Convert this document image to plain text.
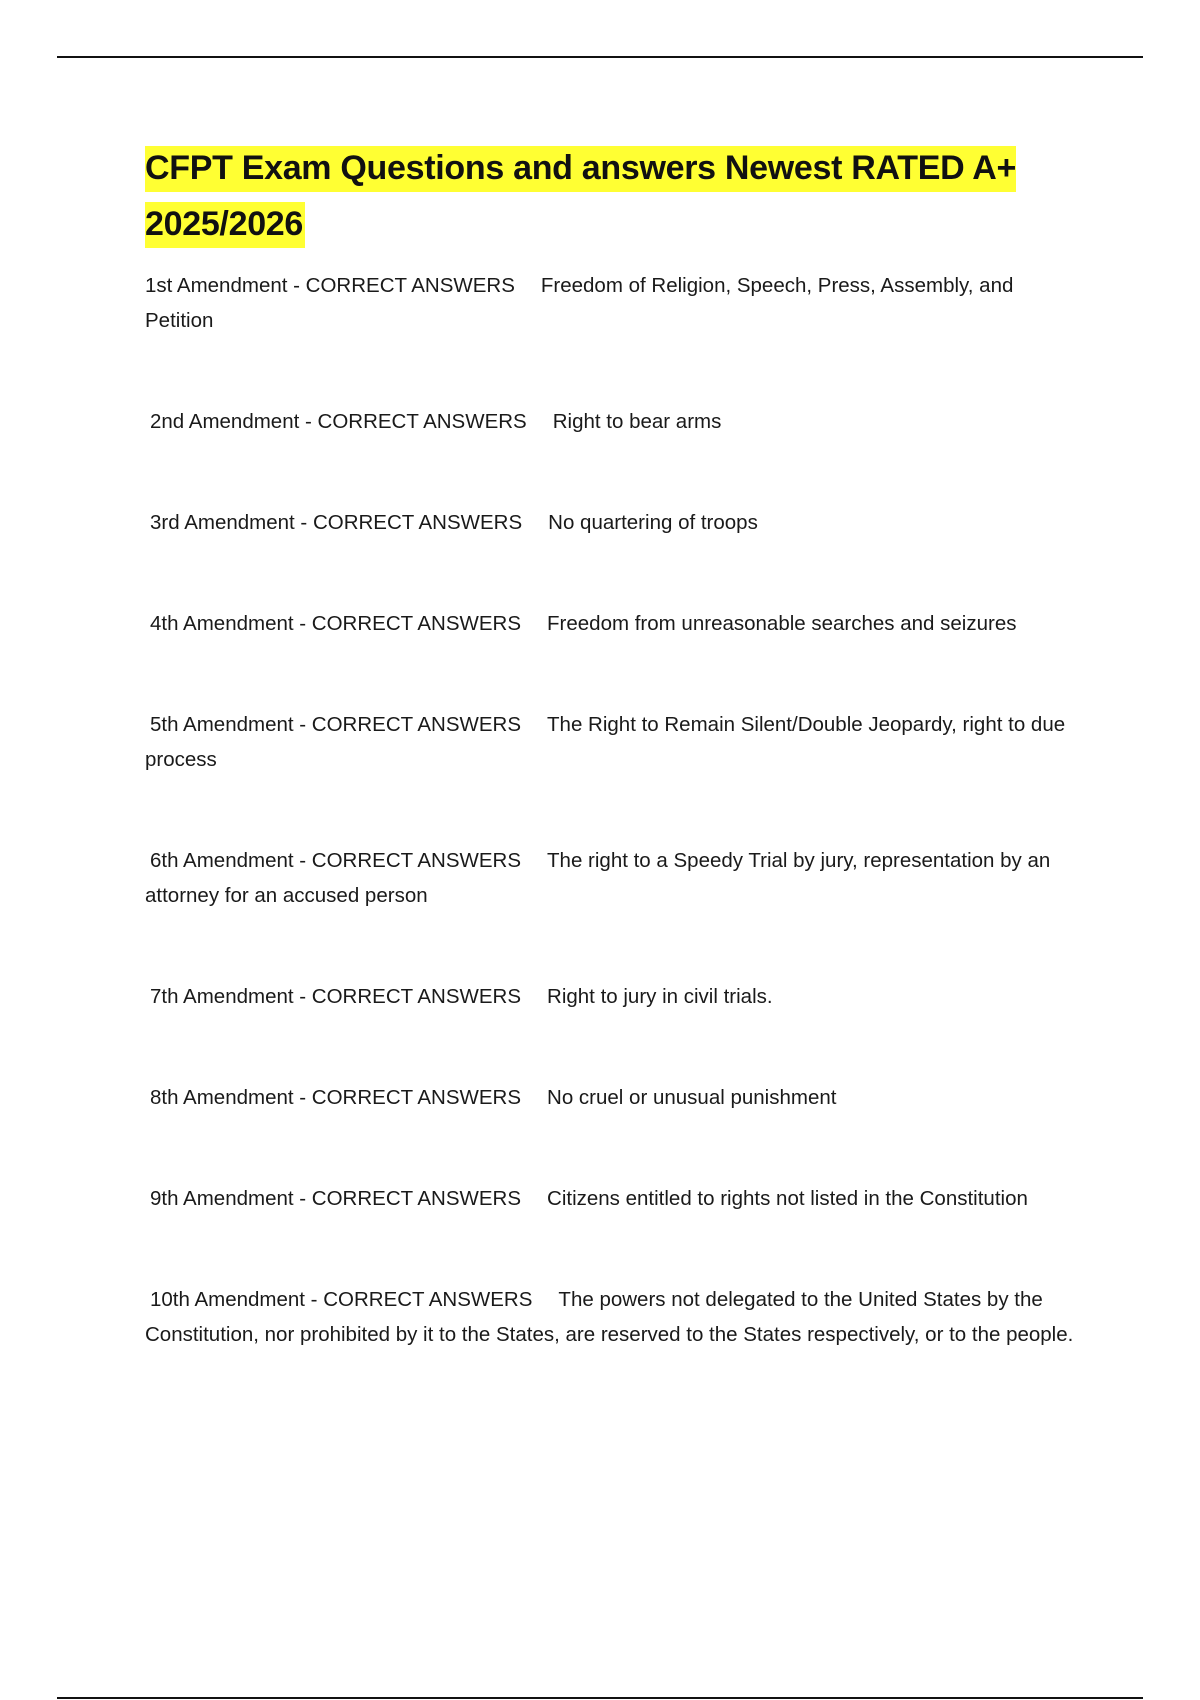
CFPT Exam Questions and answers Newest RATED A+ 2025/2026

1st Amendment - CORRECT ANSWERS Freedom of Religion, Speech, Press, Assembly, and Petition

2nd Amendment - CORRECT ANSWERS Right to bear arms

3rd Amendment - CORRECT ANSWERS No quartering of troops

4th Amendment - CORRECT ANSWERS Freedom from unreasonable searches and seizures

5th Amendment - CORRECT ANSWERS The Right to Remain Silent/Double Jeopardy, right to due process

6th Amendment - CORRECT ANSWERS The right to a Speedy Trial by jury, representation by an attorney for an accused person

7th Amendment - CORRECT ANSWERS Right to jury in civil trials.

8th Amendment - CORRECT ANSWERS No cruel or unusual punishment

9th Amendment - CORRECT ANSWERS Citizens entitled to rights not listed in the Constitution

10th Amendment - CORRECT ANSWERS The powers not delegated to the United States by the Constitution, nor prohibited by it to the States, are reserved to the States respectively, or to the people.
